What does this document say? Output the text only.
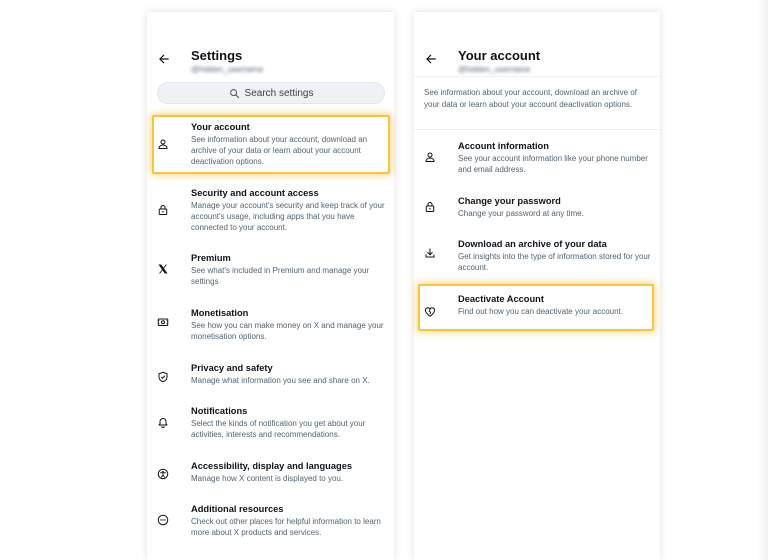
Settings
@hidden_username
Search settings
Your account
See information about your account, download an archive of your data or learn about your account deactivation options.
Security and account access
Manage your account's security and keep track of your account's usage, including apps that you have connected to your account.
Premium
See what's included in Premium and manage your settings
Monetisation
See how you can make money on X and manage your monetisation options.
Privacy and safety
Manage what information you see and share on X.
Notifications
Select the kinds of notification you get about your activities, interests and recommendations.
Accessibility, display and languages
Manage how X content is displayed to you.
Additional resources
Check out other places for helpful information to learn more about X products and services.
Your account
@hidden_username
See information about your account, download an archive of your data or learn about your account deactivation options.
Account information
See your account information like your phone number and email address.
Change your password
Change your password at any time.
Download an archive of your data
Get insights into the type of information stored for your account.
Deactivate Account
Find out how you can deactivate your account.
